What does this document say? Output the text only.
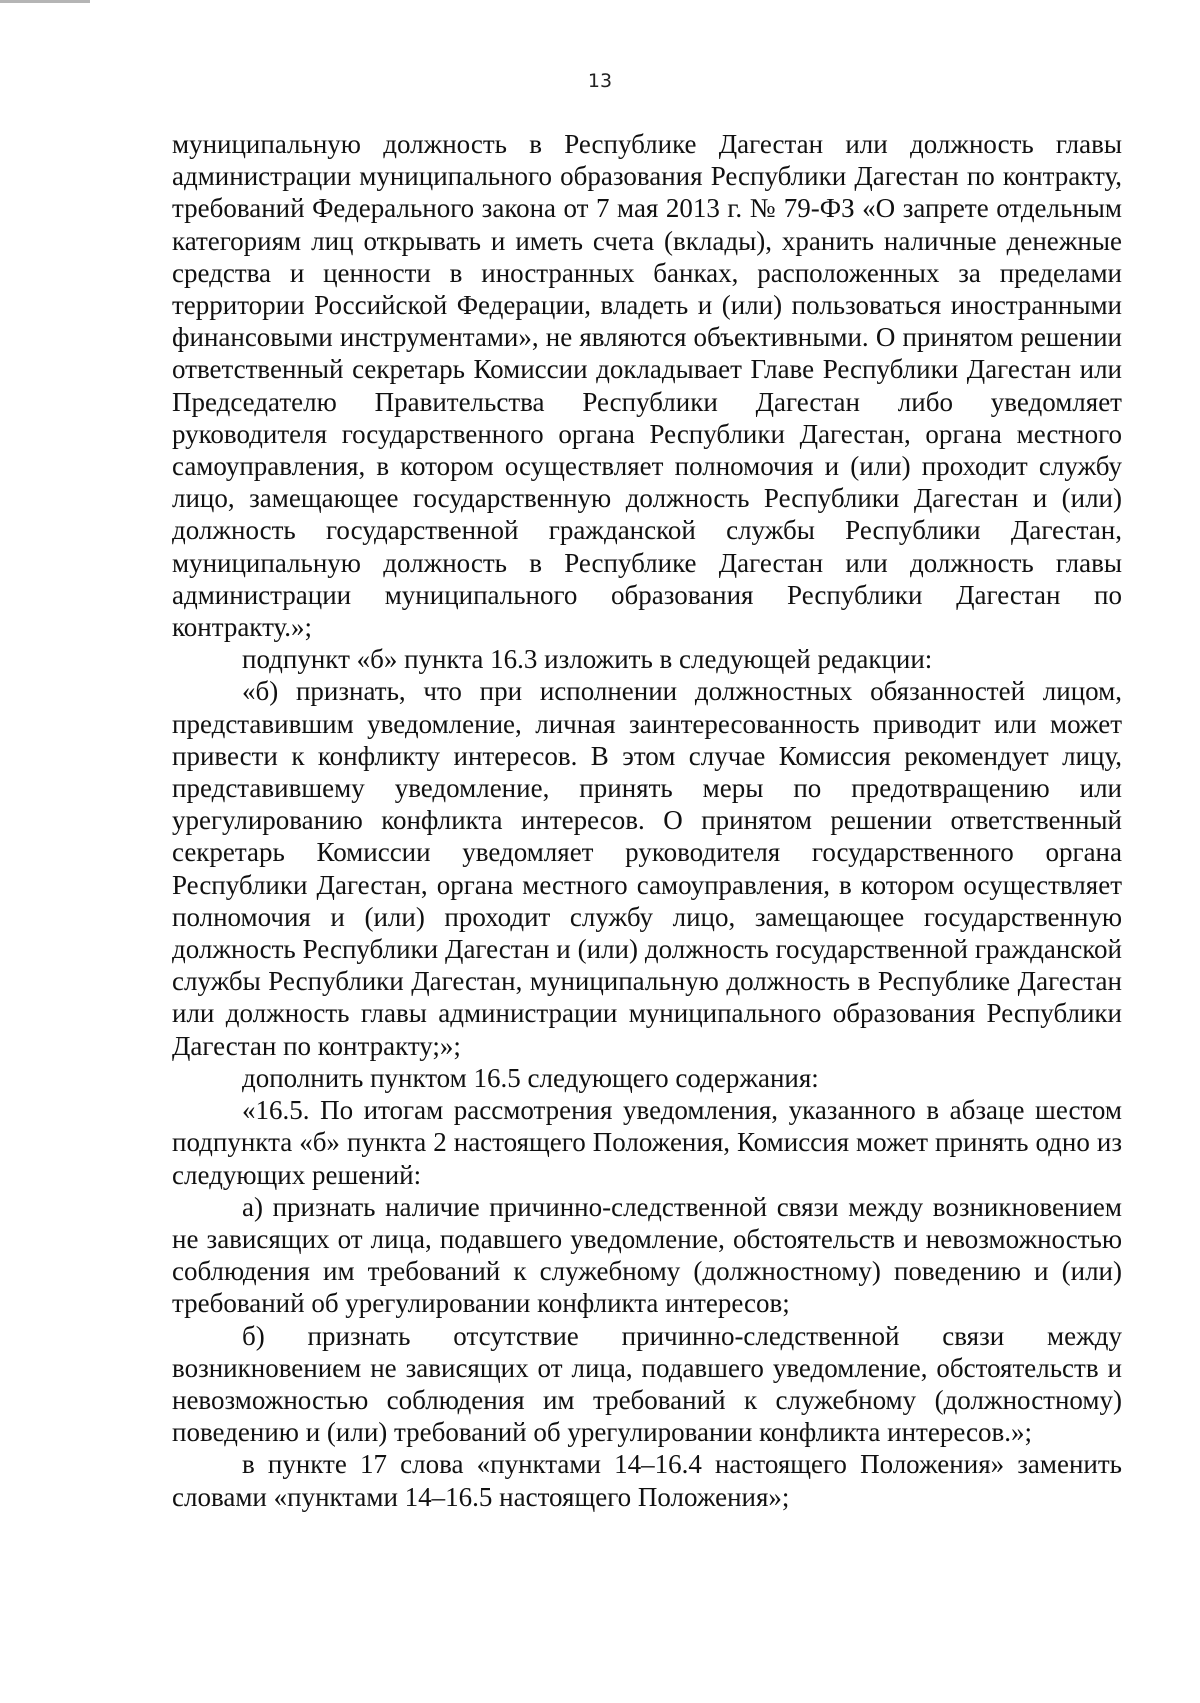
13

муниципальную должность в Республике Дагестан или должность главы администрации муниципального образования Республики Дагестан по контракту, требований Федерального закона от 7 мая 2013 г. № 79-ФЗ «О запрете отдельным категориям лиц открывать и иметь счета (вклады), хранить наличные денежные средства и ценности в иностранных банках, расположенных за пределами территории Российской Федерации, владеть и (или) пользоваться иностранными финансовыми инструментами», не являются объективными. О принятом решении ответственный секретарь Комиссии докладывает Главе Республики Дагестан или Председателю Правительства Республики Дагестан либо уведомляет руководителя государственного органа Республики Дагестан, органа местного самоуправления, в котором осуществляет полномочия и (или) проходит службу лицо, замещающее государственную должность Республики Дагестан и (или) должность государственной гражданской службы Республики Дагестан, муниципальную должность в Республике Дагестан или должность главы администрации муниципального образования Республики Дагестан по контракту.»;

подпункт «б» пункта 16.3 изложить в следующей редакции:

«б) признать, что при исполнении должностных обязанностей лицом, представившим уведомление, личная заинтересованность приводит или может привести к конфликту интересов. В этом случае Комиссия рекомендует лицу, представившему уведомление, принять меры по предотвращению или урегулированию конфликта интересов. О принятом решении ответственный секретарь Комиссии уведомляет руководителя государственного органа Республики Дагестан, органа местного самоуправления, в котором осуществляет полномочия и (или) проходит службу лицо, замещающее государственную должность Республики Дагестан и (или) должность государственной гражданской службы Республики Дагестан, муниципальную должность в Республике Дагестан или должность главы администрации муниципального образования Республики Дагестан по контракту;»;

дополнить пунктом 16.5 следующего содержания:

«16.5. По итогам рассмотрения уведомления, указанного в абзаце шестом подпункта «б» пункта 2 настоящего Положения, Комиссия может принять одно из следующих решений:

а) признать наличие причинно-следственной связи между возникновением не зависящих от лица, подавшего уведомление, обстоятельств и невозможностью соблюдения им требований к служебному (должностному) поведению и (или) требований об урегулировании конфликта интересов;

б) признать отсутствие причинно-следственной связи между возникновением не зависящих от лица, подавшего уведомление, обстоятельств и невозможностью соблюдения им требований к служебному (должностному) поведению и (или) требований об урегулировании конфликта интересов.»;

в пункте 17 слова «пунктами 14–16.4 настоящего Положения» заменить словами «пунктами 14–16.5 настоящего Положения»;
